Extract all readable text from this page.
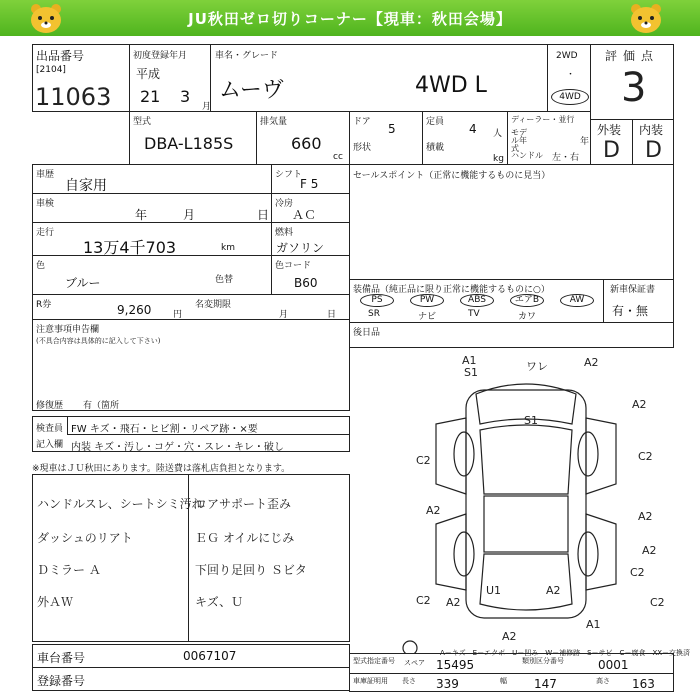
JU秋田ゼロ切りコーナー【現車：秋田会場】
出品番号
[2104]
11063
初度登録年月
平成
21 3
月
車名・グレード
ムーヴ	4WD L
2WD
・
4WD
評価点
3
型式
DBA-L185S
排気量
660
cc
ドア 5
形状
定員 4 人
積載
kg
ディーラー・並行
モデル年式
年
ハンドル 左・右
外装
D
内装
D
車歴
自家用
シフト
F 5
車検
年	月	日
冷房
ＡＣ
走行
13万4千703	km
燃料
ガソリン
色
ブルー	色替
色コード
B60
R券	9,260 円
名変期限
月	日
注意事項申告欄
(不具合内容は具体的に記入して下さい)
修復歴 有（箇所
セールスポイント（正常に機能するものに見当）
装備品（純正品に限り正常に機能するものに○）
PS
SR
PW
ナビ
ABS
TV
エアB
カワ
AW
新車保証書
有・無
後日品
検査員
記入欄
FW キズ・飛石・ヒビ割・リペア跡・×要
内装 キズ・汚し・コゲ・穴・スレ・キレ・破し
※現車はＪＵ秋田にあります。陸送費は落札店負担となります。
ハンドルスレ、シートシミ汚れ
ダッシュのリアト
Ｄミラー Ａ
外ＡＷ
ロアサポート歪み
ＥＧ オイルにじみ
下回り足回り Ｓビタ
キズ、Ｕ
A1
S1	ワレ	A2
A2
S1
C2	C2
A2	A2
U1	A2
A2
C2	C2
A1
A2
A2
C2
スペア
A－キズ　E－エクボ　U－凹み　W－補修跡　S－サビ　C－腐食　XX－交換済
車台番号	0067107
登録番号
型式指定番号	15495	類別区分番号	0001
車庫証明用 長さ 339	幅 147	高さ 163
